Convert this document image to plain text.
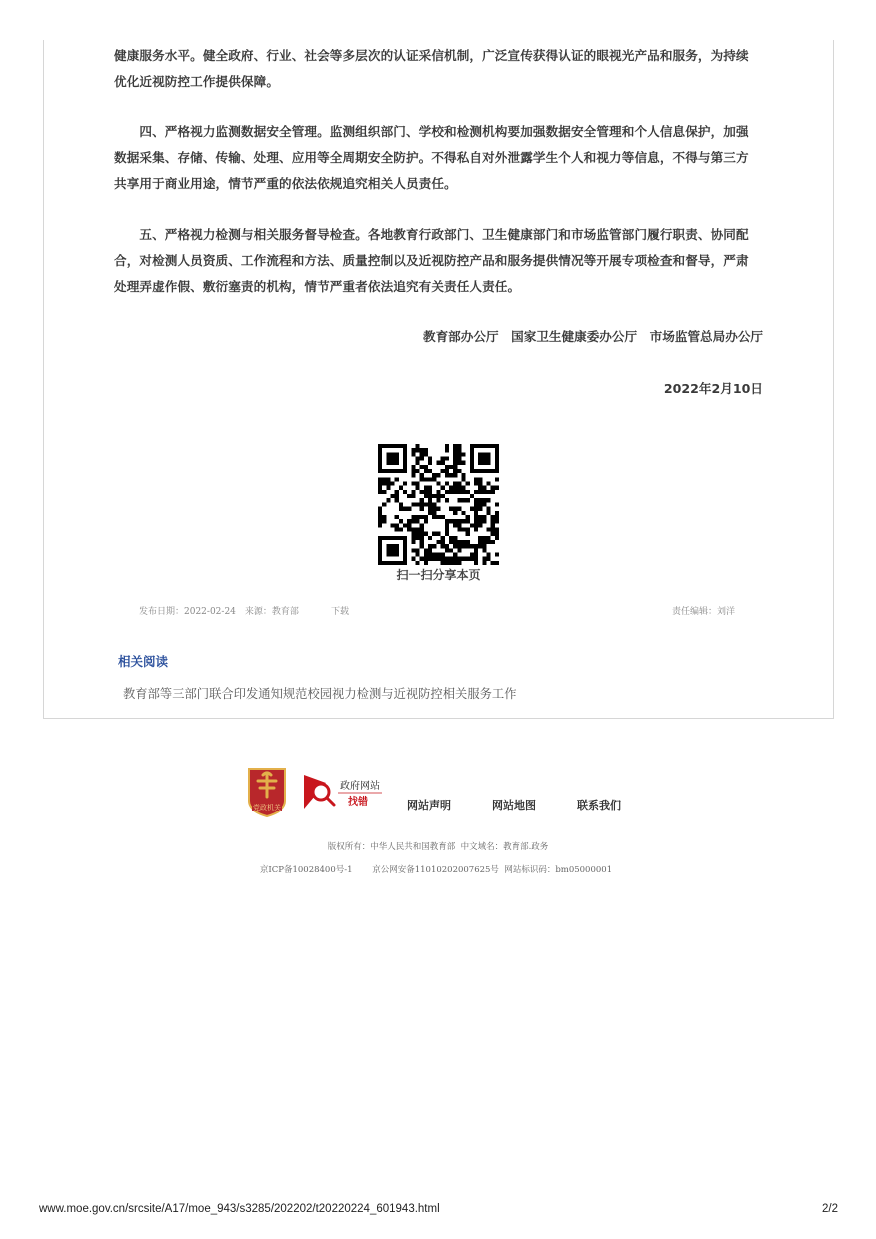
健康服务水平。健全政府、行业、社会等多层次的认证采信机制，广泛宣传获得认证的眼视光产品和服务，为持续
优化近视防控工作提供保障。
　　四、严格视力监测数据安全管理。监测组织部门、学校和检测机构要加强数据安全管理和个人信息保护，加强
数据采集、存储、传输、处理、应用等全周期安全防护。不得私自对外泄露学生个人和视力等信息，不得与第三方
共享用于商业用途，情节严重的依法依规追究相关人员责任。
　　五、严格视力检测与相关服务督导检查。各地教育行政部门、卫生健康部门和市场监管部门履行职责、协同配
合，对检测人员资质、工作流程和方法、质量控制以及近视防控产品和服务提供情况等开展专项检查和督导，严肃
处理弄虚作假、敷衍塞责的机构，情节严重者依法追究有关责任人责任。
教育部办公厅　国家卫生健康委办公厅　市场监管总局办公厅
2022年2月10日
扫一扫分享本页
发布日期：2022-02-24　来源：教育部	下载	责任编辑：刘洋
相关阅读
教育部等三部门联合印发通知规范校园视力检测与近视防控相关服务工作
党政机关
政府网站
找错	网站声明	网站地图	联系我们
版权所有：中华人民共和国教育部  中文域名：教育部.政务
京ICP备10028400号-1　　 京公网安备11010202007625号  网站标识码：bm05000001
www.moe.gov.cn/srcsite/A17/moe_943/s3285/202202/t20220224_601943.html	2/2
